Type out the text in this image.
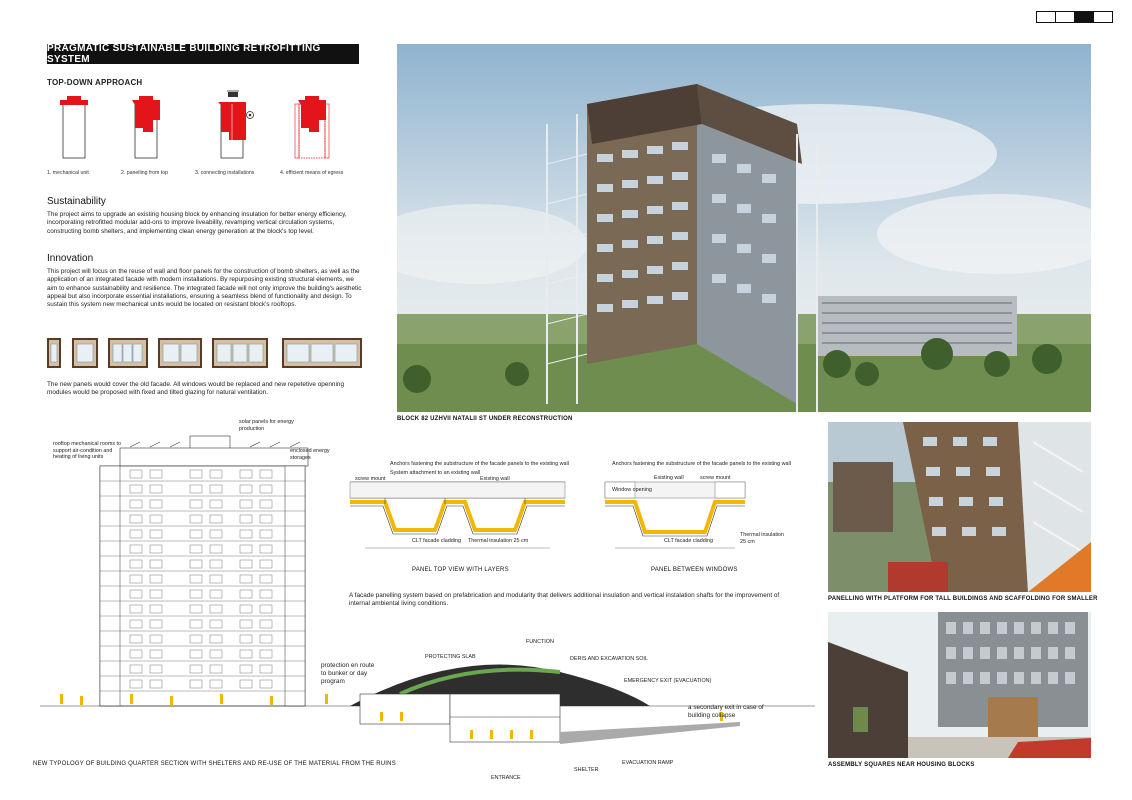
PRAGMATIC SUSTAINABLE BUILDING RETROFITTING SYSTEM
TOP-DOWN APPROACH
1. mechanical unit	2. panelling from top	3. connecting installations	4. efficient means of egress
Sustainability
The project aims to upgrade an existing housing block by enhancing insulation for better energy efficiency, incorporating retrofitted modular add-ons to improve liveability, revamping vertical circulation systems, constructing bomb shelters, and implementing clean energy generation at the block's top level.
Innovation
This project will focus on the reuse of wall and floor panels for the construction of bomb shelters, as well as the application of an integrated facade with modern installations. By repurposing existing structural elements, we aim to enhance sustainability and resilience. The integrated facade will not only improve the building's aesthetic appeal but also incorporate essential installations, ensuring a seamless blend of functionality and design. To sustain this system new mechanical units would be located on resistant block's rooftops.
The new panels would cover the old facade. All windows would be replaced and new repetetive openning modules would be proposed with fixed and tilted glazing for natural ventilation.
BLOCK 82 UZHVII NATALII ST UNDER RECONSTRUCTION
PANELLING WITH PLATFORM FOR TALL BUILDINGS AND SCAFFOLDING FOR SMALLER
ASSEMBLY SQUARES NEAR HOUSING BLOCKS
Anchors fastening the substructure of the facade panels to the existing wall
System attachment to an existing wall
Existing wall
screw mount
CLT facade cladding Thermal insulation 25 cm
PANEL TOP VIEW WITH LAYERS
Anchors fastening the substructure of the facade panels to the existing wall
Existing wall	screw mount
Window opening
CLT facade cladding
Thermal insulation 25 cm
PANEL BETWEEN WINDOWS
A facade panelling system based on prefabrication and modularity that delivers additional insulation and vertical instalation shafts for the improvement of internal ambiental living conditions.
solar panels for energy production
rooftop mechanical rooms to support air-condition and heating of living units
enclosed energy storages
protection en route to bunker or day program
a secondary exit in case of building collapse
PROTECTING SLAB
FUNCTION
DERIS AND EXCAVATION SOIL
EMERGENCY EXIT (EVACUATION)
SHELTER
EVACUATION RAMP
ENTRANCE
NEW TYPOLOGY OF BUILDING QUARTER SECTION WITH SHELTERS AND RE-USE OF THE MATERIAL FROM THE RUINS
